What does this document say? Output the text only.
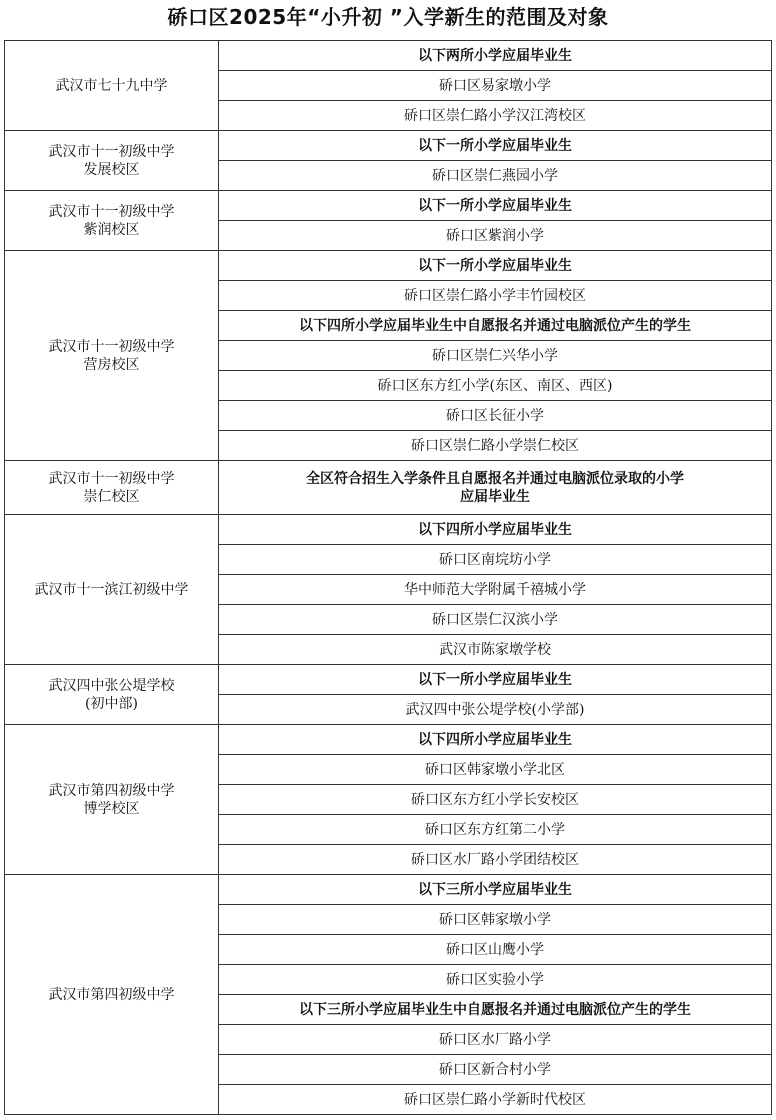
硚口区2025年“小升初 ”入学新生的范围及对象
武汉市七十九中学	以下两所小学应届毕业生

	硚口区易家墩小学

	硚口区崇仁路小学汉江湾校区

武汉市十一初级中学
发展校区	以下一所小学应届毕业生

	硚口区崇仁燕园小学

武汉市十一初级中学
紫润校区	以下一所小学应届毕业生

	硚口区紫润小学

武汉市十一初级中学
营房校区	以下一所小学应届毕业生

	硚口区崇仁路小学丰竹园校区

	以下四所小学应届毕业生中自愿报名并通过电脑派位产生的学生

	硚口区崇仁兴华小学

	硚口区东方红小学(东区、南区、西区)

	硚口区长征小学

	硚口区崇仁路小学崇仁校区

武汉市十一初级中学
崇仁校区	全区符合招生入学条件且自愿报名并通过电脑派位录取的小学
应届毕业生

武汉市十一滨江初级中学	以下四所小学应届毕业生

	硚口区南垸坊小学

	华中师范大学附属千禧城小学

	硚口区崇仁汉滨小学

	武汉市陈家墩学校

武汉四中张公堤学校
(初中部)	以下一所小学应届毕业生

	武汉四中张公堤学校(小学部)

武汉市第四初级中学
博学校区	以下四所小学应届毕业生

	硚口区韩家墩小学北区

	硚口区东方红小学长安校区

	硚口区东方红第二小学

	硚口区水厂路小学团结校区

武汉市第四初级中学	以下三所小学应届毕业生

	硚口区韩家墩小学

	硚口区山鹰小学

	硚口区实验小学

	以下三所小学应届毕业生中自愿报名并通过电脑派位产生的学生

	硚口区水厂路小学

	硚口区新合村小学

	硚口区崇仁路小学新时代校区
